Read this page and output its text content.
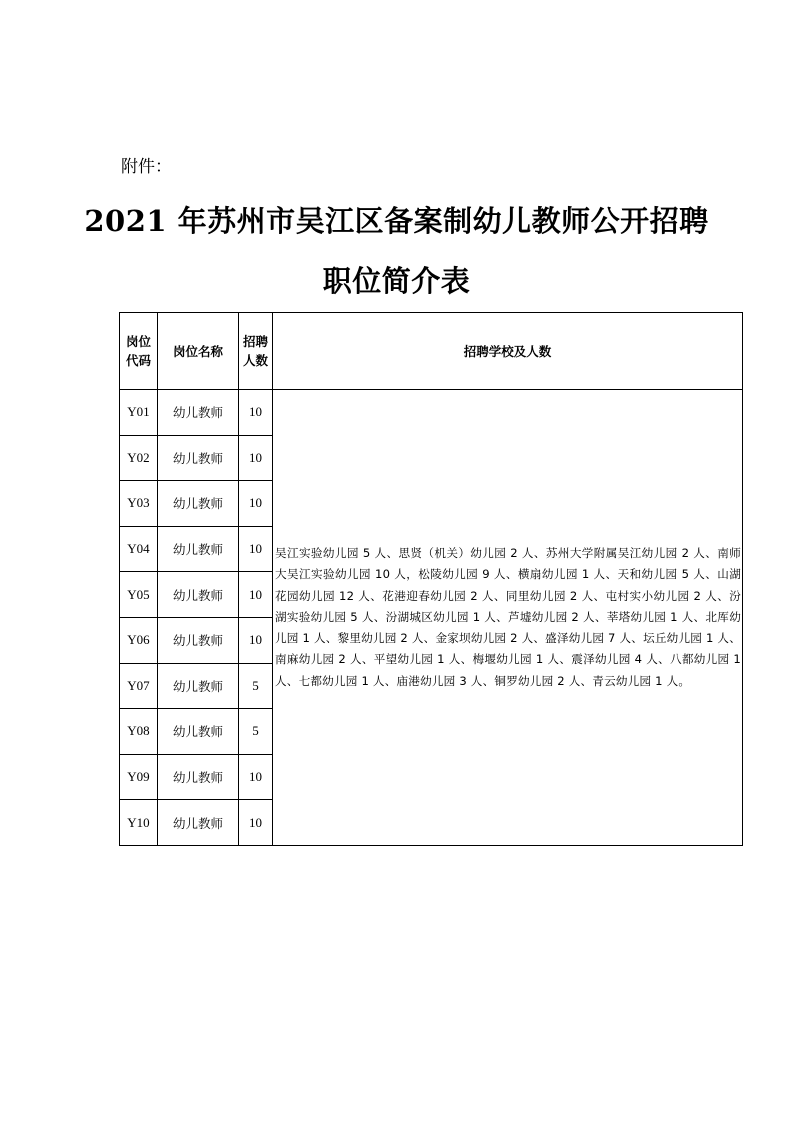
附件：
2021 年苏州市吴江区备案制幼儿教师公开招聘
职位简介表
岗位代码	岗位名称	招聘人数	招聘学校及人数
Y01	幼儿教师	10	吴江实验幼儿园 5 人、思贤（机关）幼儿园 2 人、苏州大学附属吴江幼儿园 2 人、南师大吴江实验幼儿园 10 人，松陵幼儿园 9 人、横扇幼儿园 1 人、天和幼儿园 5 人、山湖花园幼儿园 12 人、花港迎春幼儿园 2 人、同里幼儿园 2 人、屯村实小幼儿园 2 人、汾湖实验幼儿园 5 人、汾湖城区幼儿园 1 人、芦墟幼儿园 2 人、莘塔幼儿园 1 人、北厍幼儿园 1 人、黎里幼儿园 2 人、金家坝幼儿园 2 人、盛泽幼儿园 7 人、坛丘幼儿园 1 人、南麻幼儿园 2 人、平望幼儿园 1 人、梅堰幼儿园 1 人、震泽幼儿园 4 人、八都幼儿园 1 人、七都幼儿园 1 人、庙港幼儿园 3 人、铜罗幼儿园 2 人、青云幼儿园 1 人。
Y02	幼儿教师	10	
Y03	幼儿教师	10	
Y04	幼儿教师	10	
Y05	幼儿教师	10	
Y06	幼儿教师	10	
Y07	幼儿教师	5	
Y08	幼儿教师	5	
Y09	幼儿教师	10	
Y10	幼儿教师	10	
